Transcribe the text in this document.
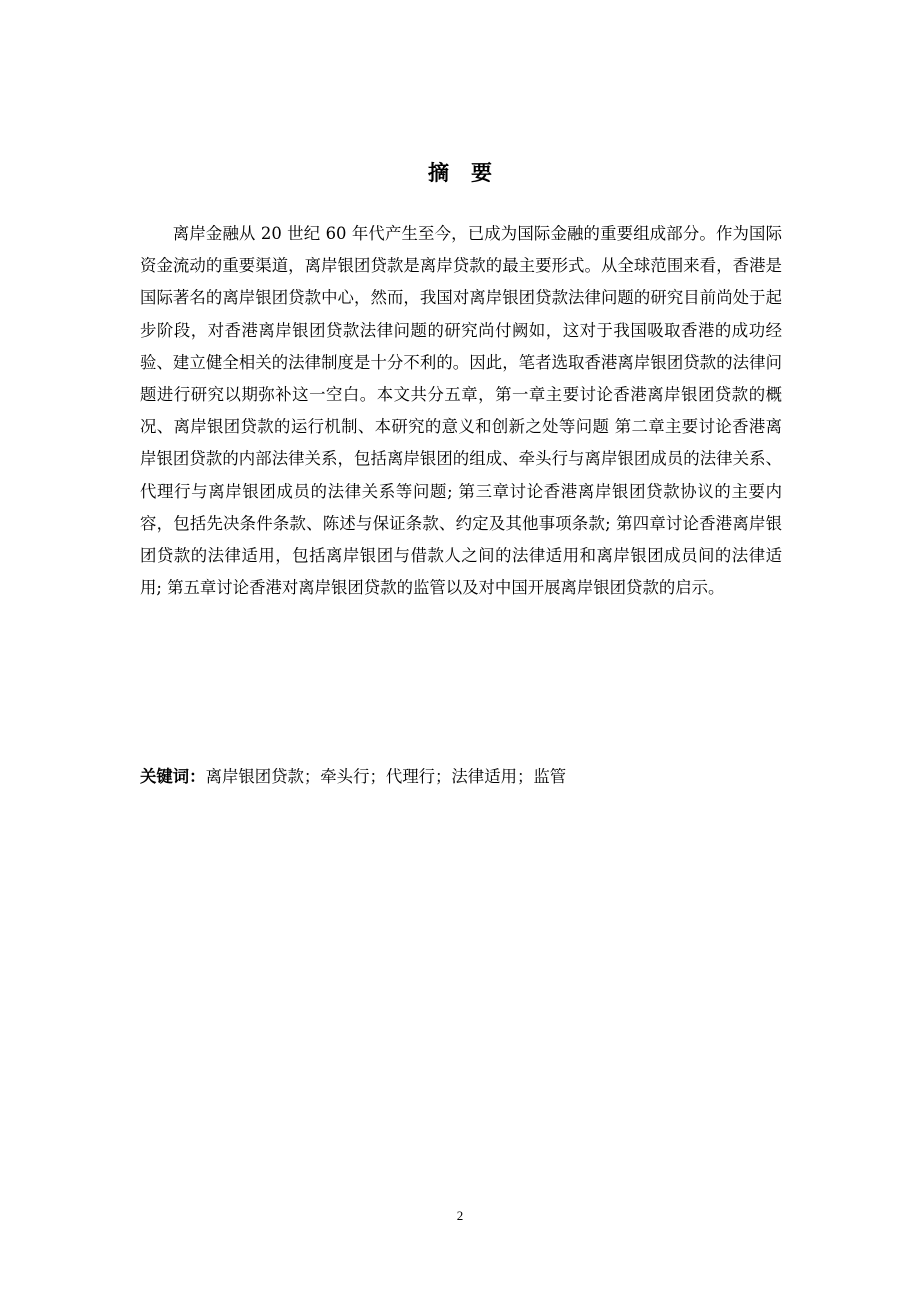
摘 要

离岸金融从 20 世纪 60 年代产生至今，已成为国际金融的重要组成部分。作为国际资金流动的重要渠道，离岸银团贷款是离岸贷款的最主要形式。从全球范围来看，香港是国际著名的离岸银团贷款中心，然而，我国对离岸银团贷款法律问题的研究目前尚处于起步阶段，对香港离岸银团贷款法律问题的研究尚付阙如，这对于我国吸取香港的成功经验、建立健全相关的法律制度是十分不利的。因此，笔者选取香港离岸银团贷款的法律问题进行研究以期弥补这一空白。本文共分五章，第一章主要讨论香港离岸银团贷款的概况、离岸银团贷款的运行机制、本研究的意义和创新之处等问题 第二章主要讨论香港离岸银团贷款的内部法律关系，包括离岸银团的组成、牵头行与离岸银团成员的法律关系、代理行与离岸银团成员的法律关系等问题; 第三章讨论香港离岸银团贷款协议的主要内容，包括先决条件条款、陈述与保证条款、约定及其他事项条款; 第四章讨论香港离岸银团贷款的法律适用，包括离岸银团与借款人之间的法律适用和离岸银团成员间的法律适用; 第五章讨论香港对离岸银团贷款的监管以及对中国开展离岸银团贷款的启示。

关键词：离岸银团贷款；牵头行；代理行；法律适用；监管
2
